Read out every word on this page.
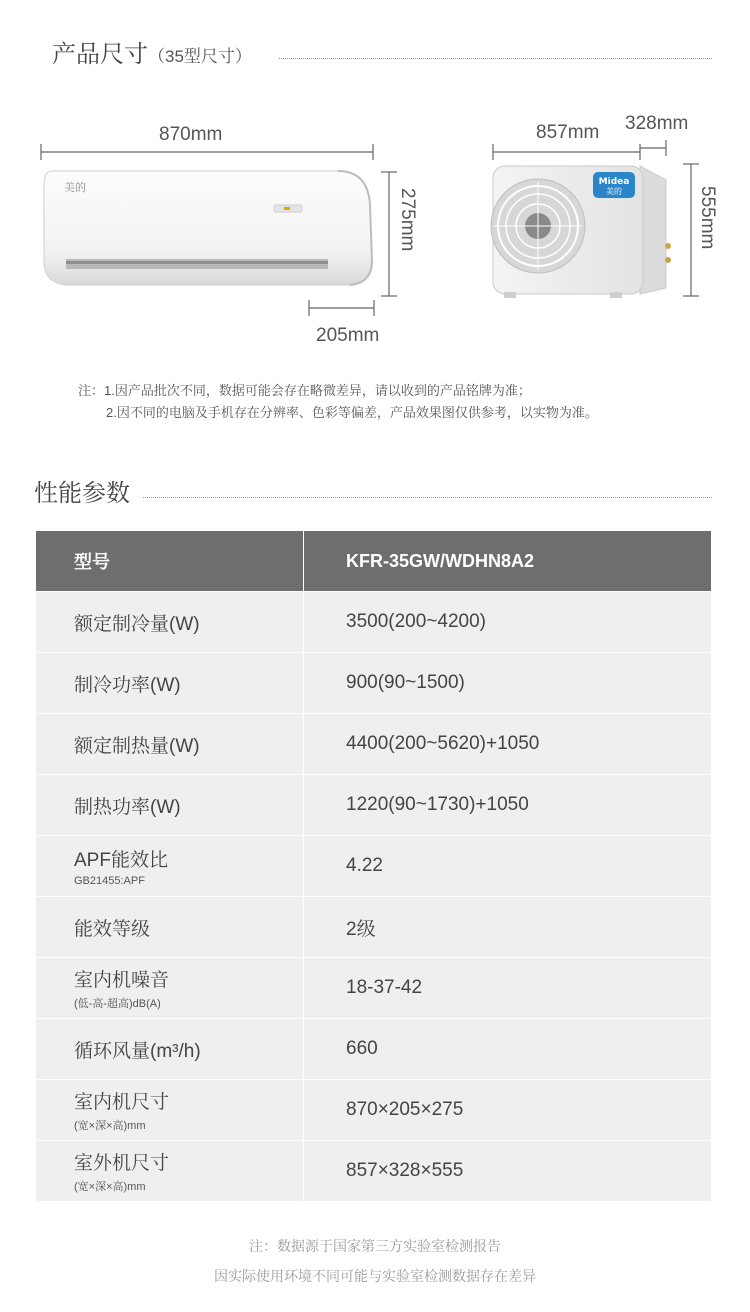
产品尺寸（35型尺寸）
870mm
美的
275mm
205mm
857mm 328mm
Midea
美的	555mm
注：1.因产品批次不同，数据可能会存在略微差异，请以收到的产品铭牌为准；
2.因不同的电脑及手机存在分辨率、色彩等偏差，产品效果图仅供参考，以实物为准。
性能参数
型号	KFR-35GW/WDHN8A2
额定制冷量(W)	3500(200~4200)
制冷功率(W)	900(90~1500)
额定制热量(W)	4400(200~5620)+1050
制热功率(W)	1220(90~1730)+1050
APF能效比
GB21455:APF	4.22
能效等级	2级
室内机噪音
(低-高-超高)dB(A)	18-37-42
循环风量(m³/h)	660
室内机尺寸
(宽×深×高)mm	870×205×275
室外机尺寸
(宽×深×高)mm	857×328×555
注：数据源于国家第三方实验室检测报告
因实际使用环境不同可能与实验室检测数据存在差异
